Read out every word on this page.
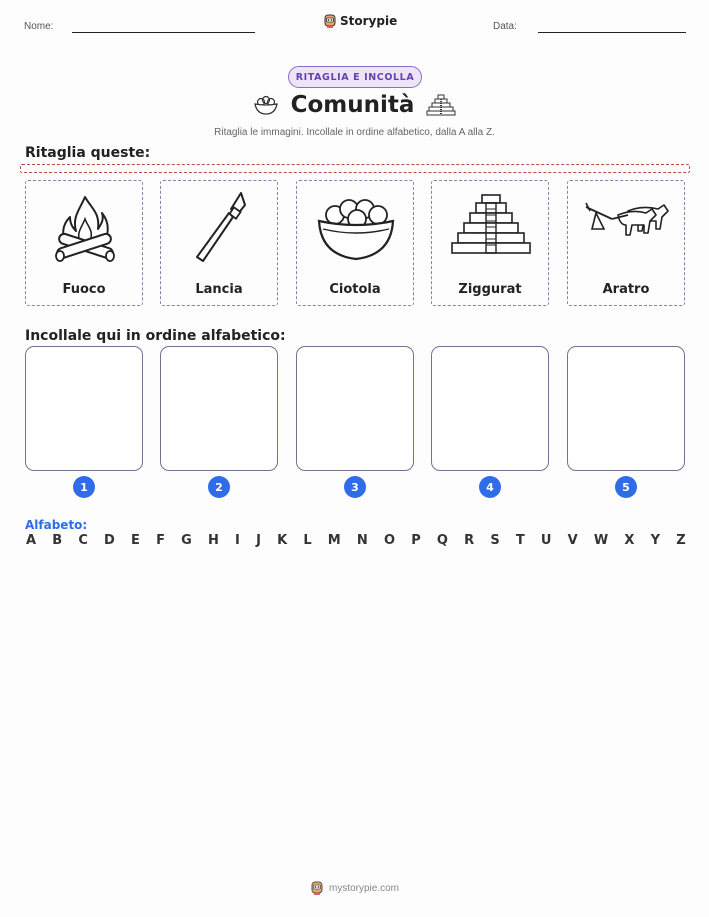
Nome:	Storypie	Data:
RITAGLIA E INCOLLA
Comunità
Ritaglia le immagini. Incollale in ordine alfabetico, dalla A alla Z.
Ritaglia queste:
Fuoco	Lancia	Ciotola	Ziggurat	Aratro
Incollale qui in ordine alfabetico:
1	2	3	4	5
Alfabeto:
A B C D E F G H I J K L M N O P Q R S T U V W X Y Z
mystorypie.com
